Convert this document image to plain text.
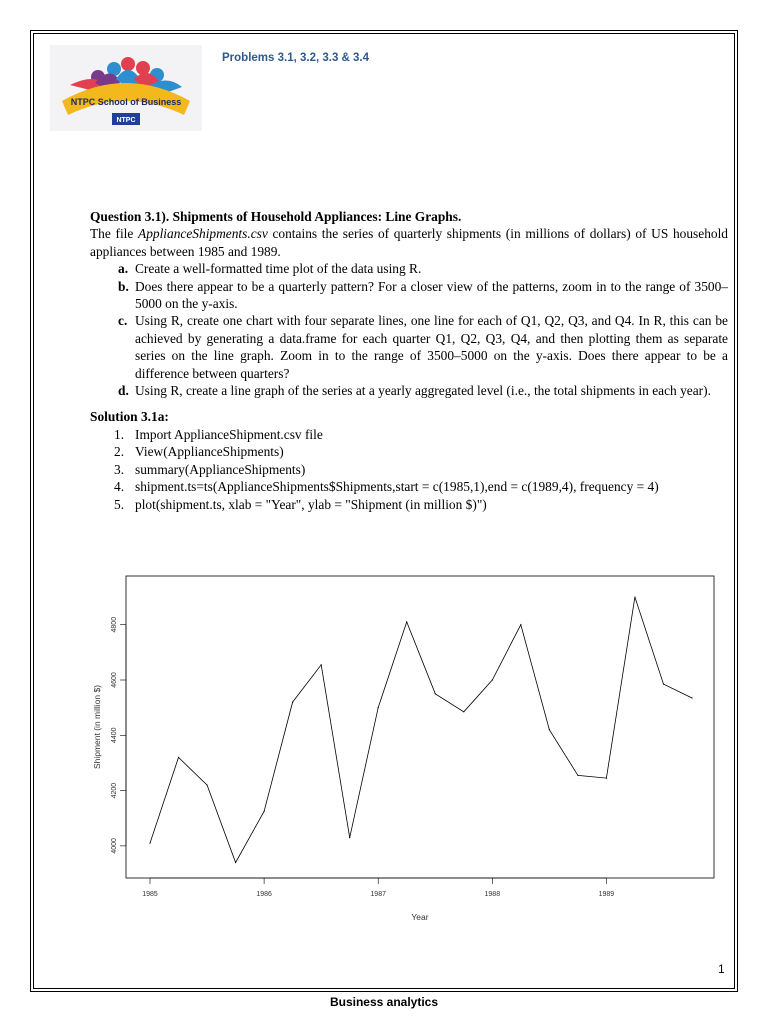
NTPC School of Business
NTPC
Problems 3.1, 3.2, 3.3 & 3.4

Question 3.1). Shipments of Household Appliances: Line Graphs.

The file ApplianceShipments.csv contains the series of quarterly shipments (in millions of dollars) of US household appliances between 1985 and 1989.

a. Create a well-formatted time plot of the data using R.
b. Does there appear to be a quarterly pattern? For a closer view of the patterns, zoom in to the range of 3500–5000 on the y-axis.
c. Using R, create one chart with four separate lines, one line for each of Q1, Q2, Q3, and Q4. In R, this can be achieved by generating a data.frame for each quarter Q1, Q2, Q3, Q4, and then plotting them as separate series on the line graph. Zoom in to the range of 3500–5000 on the y-axis. Does there appear to be a difference between quarters?
d. Using R, create a line graph of the series at a yearly aggregated level (i.e., the total shipments in each year).

Solution 3.1a:

1. Import ApplianceShipment.csv file
2. View(ApplianceShipments)
3. summary(ApplianceShipments)
4. shipment.ts=ts(ApplianceShipments$Shipments,start = c(1985,1),end = c(1989,4), frequency = 4)
5. plot(shipment.ts, xlab = "Year", ylab = "Shipment (in million $)")
4000
4200
4400
4600
4800
1985	1986	1987	1988	1989
Year
Shipment (in million $)
1
Business analytics
